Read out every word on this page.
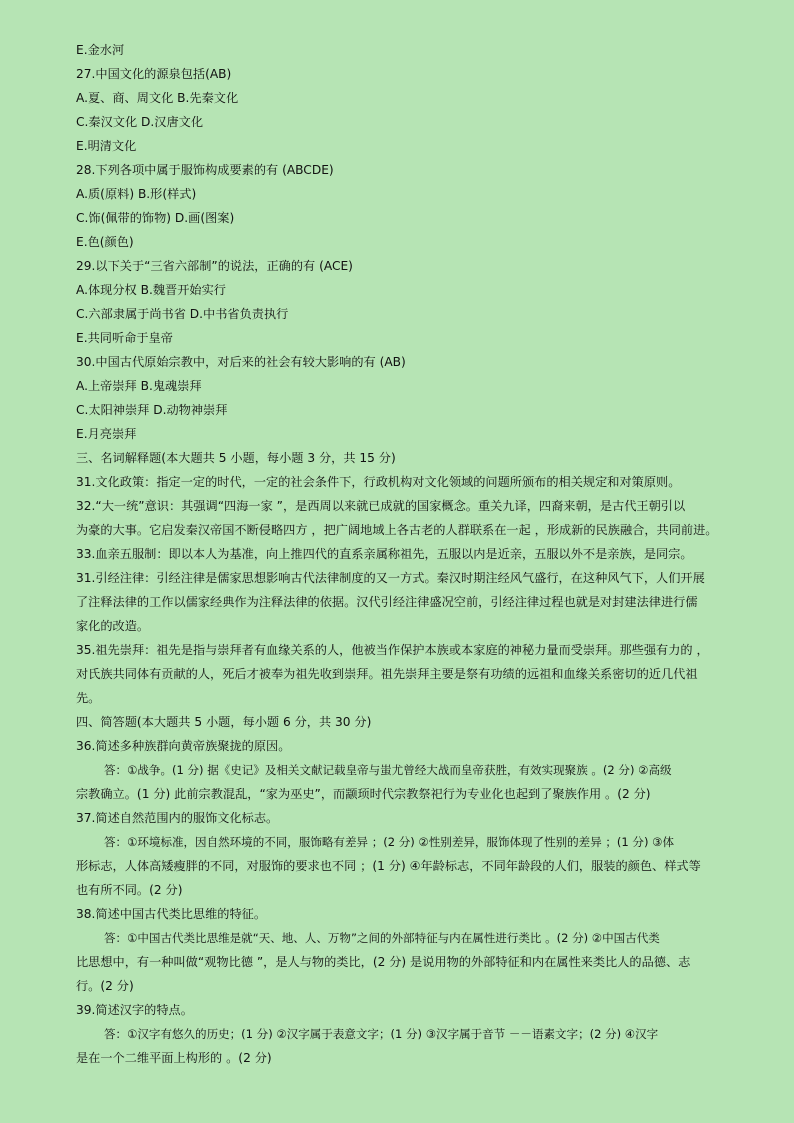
E.金水河
27.中国文化的源泉包括(AB)
A.夏、商、周文化 B.先秦文化
C.秦汉文化 D.汉唐文化
E.明清文化
28.下列各项中属于服饰构成要素的有 (ABCDE)
A.质(原料) B.形(样式)
C.饰(佩带的饰物) D.画(图案)
E.色(颜色)
29.以下关于“三省六部制”的说法，正确的有 (ACE)
A.体现分权 B.魏晋开始实行
C.六部隶属于尚书省 D.中书省负责执行
E.共同听命于皇帝
30.中国古代原始宗教中，对后来的社会有较大影响的有 (AB)
A.上帝崇拜 B.鬼魂崇拜
C.太阳神崇拜 D.动物神崇拜
E.月亮崇拜
三、名词解释题(本大题共 5 小题，每小题 3 分，共 15 分)
31.文化政策：指定一定的时代，一定的社会条件下，行政机构对文化领域的问题所颁布的相关规定和对策原则。
32.“大一统”意识：其强调“四海一家 ”，是西周以来就已成就的国家概念。重关九译，四裔来朝，是古代王朝引以
为豪的大事。它启发秦汉帝国不断侵略四方 ，把广阔地域上各古老的人群联系在一起 ，形成新的民族融合，共同前进。
33.血亲五服制：即以本人为基准，向上推四代的直系亲属称祖先，五服以内是近亲，五服以外不是亲族，是同宗。
31.引经注律：引经注律是儒家思想影响古代法律制度的又一方式。秦汉时期注经风气盛行，在这种风气下，人们开展
了注释法律的工作以儒家经典作为注释法律的依据。汉代引经注律盛况空前，引经注律过程也就是对封建法律进行儒
家化的改造。
35.祖先崇拜：祖先是指与崇拜者有血缘关系的人，他被当作保护本族或本家庭的神秘力量而受崇拜。那些强有力的 ，
对氏族共同体有贡献的人，死后才被奉为祖先收到崇拜。祖先崇拜主要是祭有功绩的远祖和血缘关系密切的近几代祖
先。
四、简答题(本大题共 5 小题，每小题 6 分，共 30 分)
36.简述多种族群向黄帝族聚拢的原因。
答：①战争。(1 分) 据《史记》及相关文献记载皇帝与蚩尤曾经大战而皇帝获胜，有效实现聚族 。(2 分) ②高级
宗教确立。(1 分) 此前宗教混乱，“家为巫史”，而颛顼时代宗教祭祀行为专业化也起到了聚族作用 。(2 分)
37.简述自然范围内的服饰文化标志。
答：①环境标准，因自然环境的不同，服饰略有差异 ；(2 分) ②性别差异，服饰体现了性别的差异 ；(1 分) ③体
形标志，人体高矮瘦胖的不同，对服饰的要求也不同 ；(1 分) ④年龄标志，不同年龄段的人们，服装的颜色、样式等
也有所不同。(2 分)
38.简述中国古代类比思维的特征。
答：①中国古代类比思维是就“天、地、人、万物”之间的外部特征与内在属性进行类比 。(2 分) ②中国古代类
比思想中，有一种叫做“观物比德 ”，是人与物的类比，(2 分) 是说用物的外部特征和内在属性来类比人的品德、志
行。(2 分)
39.简述汉字的特点。
答：①汉字有悠久的历史；(1 分) ②汉字属于表意文字；(1 分) ③汉字属于音节 －－语素文字；(2 分) ④汉字
是在一个二维平面上构形的 。(2 分)
